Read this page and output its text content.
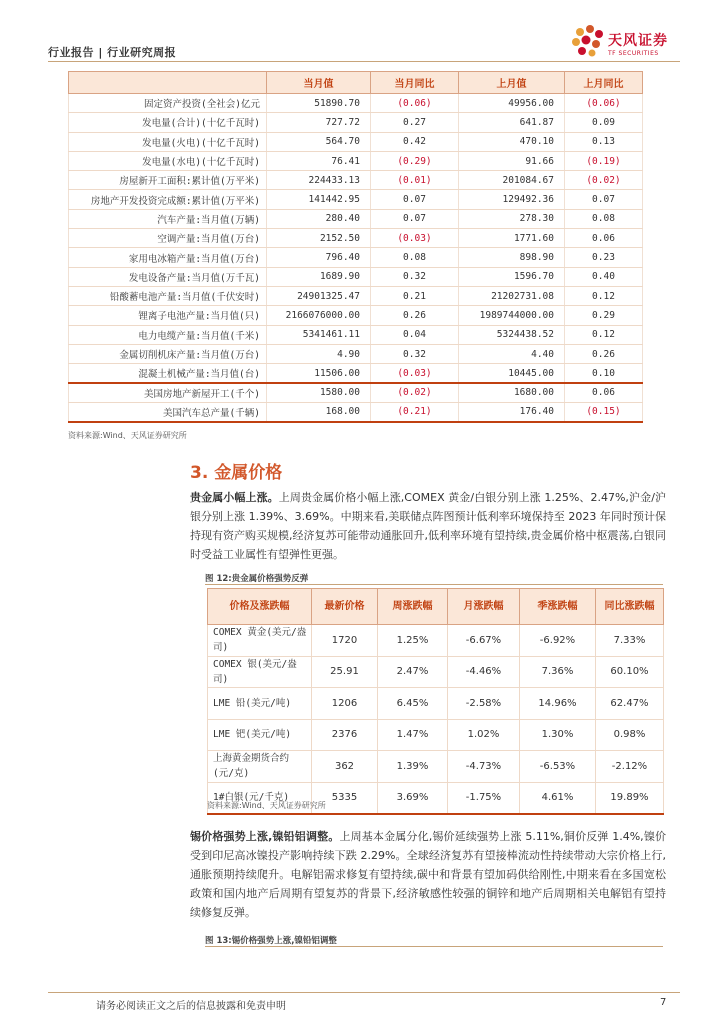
行业报告 | 行业研究周报
天风证券
TF SECURITIES
	当月值	当月同比	上月值	上月同比
固定资产投资(全社会)亿元	51890.70	(0.06)	49956.00	(0.06)
发电量(合计)(十亿千瓦时)	727.72	0.27	641.87	0.09
发电量(火电)(十亿千瓦时)	564.70	0.42	470.10	0.13
发电量(水电)(十亿千瓦时)	76.41	(0.29)	91.66	(0.19)
房屋新开工面积:累计值(万平米)	224433.13	(0.01)	201084.67	(0.02)
房地产开发投资完成额:累计值(万平米)	141442.95	0.07	129492.36	0.07
汽车产量:当月值(万辆)	280.40	0.07	278.30	0.08
空调产量:当月值(万台)	2152.50	(0.03)	1771.60	0.06
家用电冰箱产量:当月值(万台)	796.40	0.08	898.90	0.23
发电设备产量:当月值(万千瓦)	1689.90	0.32	1596.70	0.40
铅酸蓄电池产量:当月值(千伏安时)	24901325.47	0.21	21202731.08	0.12
锂离子电池产量:当月值(只)	2166076000.00	0.26	1989744000.00	0.29
电力电缆产量:当月值(千米)	5341461.11	0.04	5324438.52	0.12
金属切削机床产量:当月值(万台)	4.90	0.32	4.40	0.26
混凝土机械产量:当月值(台)	11506.00	(0.03)	10445.00	0.10
美国房地产新屋开工(千个)	1580.00	(0.02)	1680.00	0.06
美国汽车总产量(千辆)	168.00	(0.21)	176.40	(0.15)
资料来源:Wind、天风证券研究所
3. 金属价格
贵金属小幅上涨。上周贵金属价格小幅上涨,COMEX 黄金/白银分别上涨 1.25%、2.47%,沪金/沪银分别上涨 1.39%、3.69%。中期来看,美联储点阵图预计低利率环境保持至 2023 年同时预计保持现有资产购买规模,经济复苏可能带动通胀回升,低利率环境有望持续,贵金属价格中枢震荡,白银同时受益工业属性有望弹性更强。
图 12:贵金属价格强势反弹
价格及涨跌幅	最新价格	周涨跌幅	月涨跌幅	季涨跌幅	同比涨跌幅
COMEX 黄金(美元/盎司)	1720	1.25%	-6.67%	-6.92%	7.33%
COMEX 银(美元/盎司)	25.91	2.47%	-4.46%	7.36%	60.10%
LME 铅(美元/吨)	1206	6.45%	-2.58%	14.96%	62.47%
LME 钯(美元/吨)	2376	1.47%	1.02%	1.30%	0.98%
上海黄金期货合约 (元/克)	362	1.39%	-4.73%	-6.53%	-2.12%
1#白银(元/千克)	5335	3.69%	-1.75%	4.61%	19.89%
资料来源:Wind、天风证券研究所
锡价格强势上涨,镍铅铝调整。上周基本金属分化,锡价延续强势上涨 5.11%,铜价反弹 1.4%,镍价受到印尼高冰镍投产影响持续下跌 2.29%。全球经济复苏有望接棒流动性持续带动大宗价格上行,通胀预期持续爬升。电解铝需求修复有望持续,碳中和背景有望加码供给刚性,中期来看在多国宽松政策和国内地产后周期有望复苏的背景下,经济敏感性较强的铜锌和地产后周期相关电解铝有望持续修复反弹。
图 13:锡价格强势上涨,镍铅铝调整
请务必阅读正文之后的信息披露和免责申明	7
